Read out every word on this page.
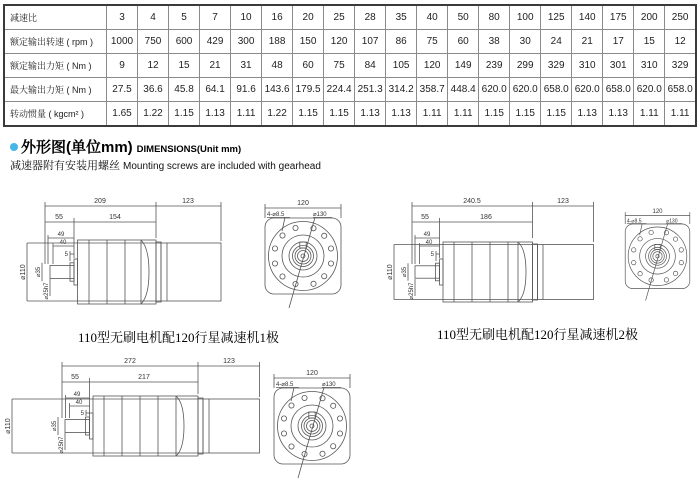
减速比	3	4	5	7	10	16	20	25	28	35	40	50	80	100	125	140	175	200	250
额定输出转速 ( rpm )	1000	750	600	429	300	188	150	120	107	86	75	60	38	30	24	21	17	15	12
额定输出力矩 ( Nm )	9	12	15	21	31	48	60	75	84	105	120	149	239	299	329	310	301	310	329
最大输出力矩 ( Nm )	27.5	36.6	45.8	64.1	91.6	143.6	179.5	224.4	251.3	314.2	358.7	448.4	620.0	620.0	658.0	620.0	658.0	620.0	658.0
转动惯量 ( kgcm² )	1.65	1.22	1.15	1.13	1.11	1.22	1.15	1.15	1.13	1.13	1.11	1.11	1.15	1.15	1.15	1.13	1.13	1.11	1.11
外形图(单位mm) DIMENSIONS(Unit mm)
减速器附有安装用螺丝 Mounting screws are included with gearhead
209	123
55	154
49
40
5
⌀110 ⌀35
⌀25h7
120
4-⌀8.5	⌀130
110型无刷电机配120行星减速机1极
240.5	123
55	186
49
40
5
⌀110 ⌀35
⌀25h7
120
4-⌀8.5	⌀130
110型无刷电机配120行星减速机2极
272	123
55	217
49
40
5
⌀110	⌀35
⌀25h7
120
4-⌀8.5	⌀130
